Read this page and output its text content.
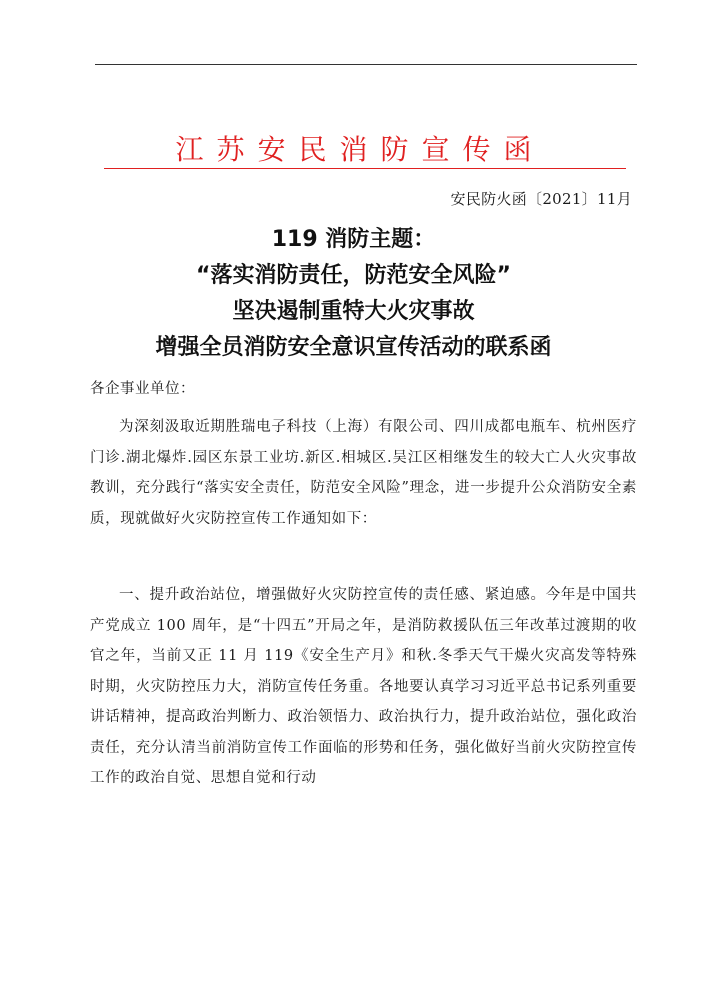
江苏安民消防宣传函
安民防火函〔2021〕11月
119 消防主题：
“落实消防责任，防范安全风险”
坚决遏制重特大火灾事故
增强全员消防安全意识宣传活动的联系函
各企事业单位：
为深刻汲取近期胜瑞电子科技（上海）有限公司、四川成都电瓶车、杭州医疗门诊.湖北爆炸.园区东景工业坊.新区.相城区.吴江区相继发生的较大亡人火灾事故教训，充分践行“落实安全责任，防范安全风险”理念，进一步提升公众消防安全素质，现就做好火灾防控宣传工作通知如下：
一、提升政治站位，增强做好火灾防控宣传的责任感、紧迫感。今年是中国共产党成立 100 周年，是“十四五”开局之年，是消防救援队伍三年改革过渡期的收官之年，当前又正 11 月 119《安全生产月》和秋.冬季天气干燥火灾高发等特殊时期，火灾防控压力大，消防宣传任务重。各地要认真学习习近平总书记系列重要讲话精神，提高政治判断力、政治领悟力、政治执行力，提升政治站位，强化政治责任，充分认清当前消防宣传工作面临的形势和任务，强化做好当前火灾防控宣传工作的政治自觉、思想自觉和行动
